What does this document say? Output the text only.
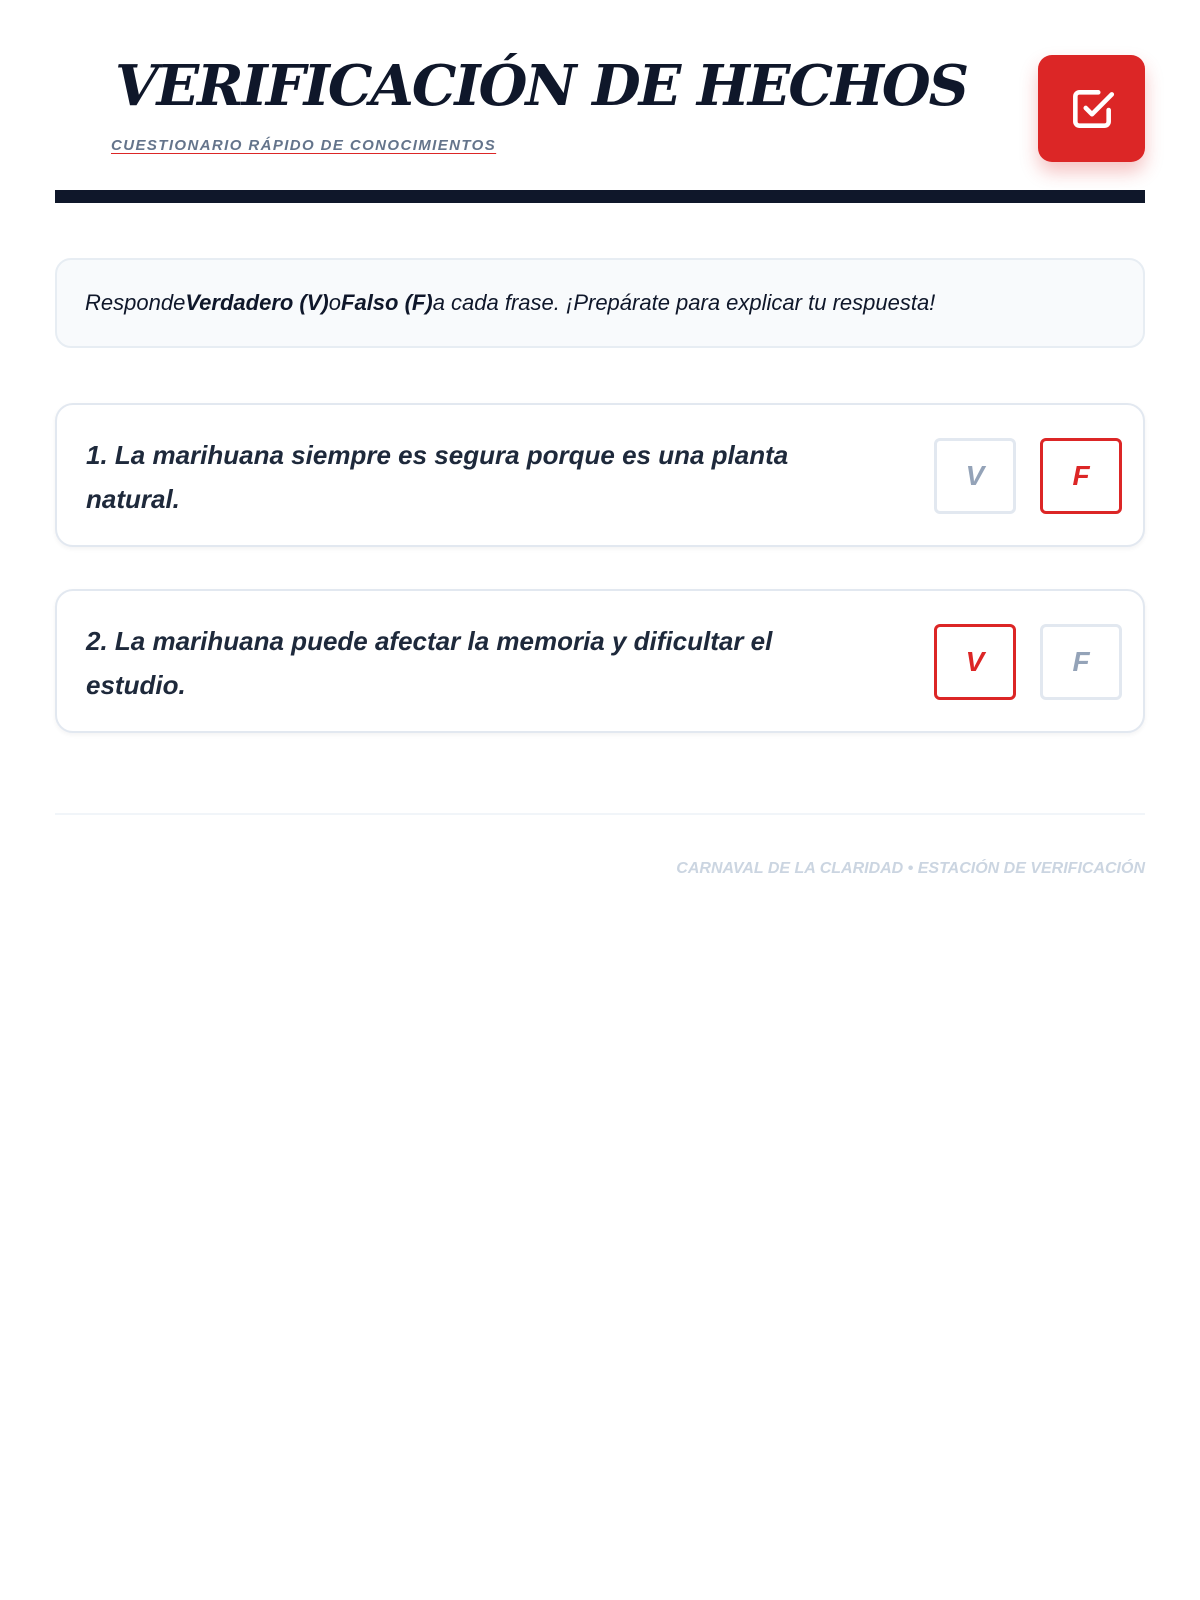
VERIFICACIÓN DE HECHOS
CUESTIONARIO RÁPIDO DE CONOCIMIENTOS
Responde Verdadero (V) o Falso (F) a cada frase. ¡Prepárate para explicar tu respuesta!
1. La marihuana siempre es segura porque es una planta natural.
V	F
2. La marihuana puede afectar la memoria y dificultar el estudio.
V	F
CARNAVAL DE LA CLARIDAD • ESTACIÓN DE VERIFICACIÓN
